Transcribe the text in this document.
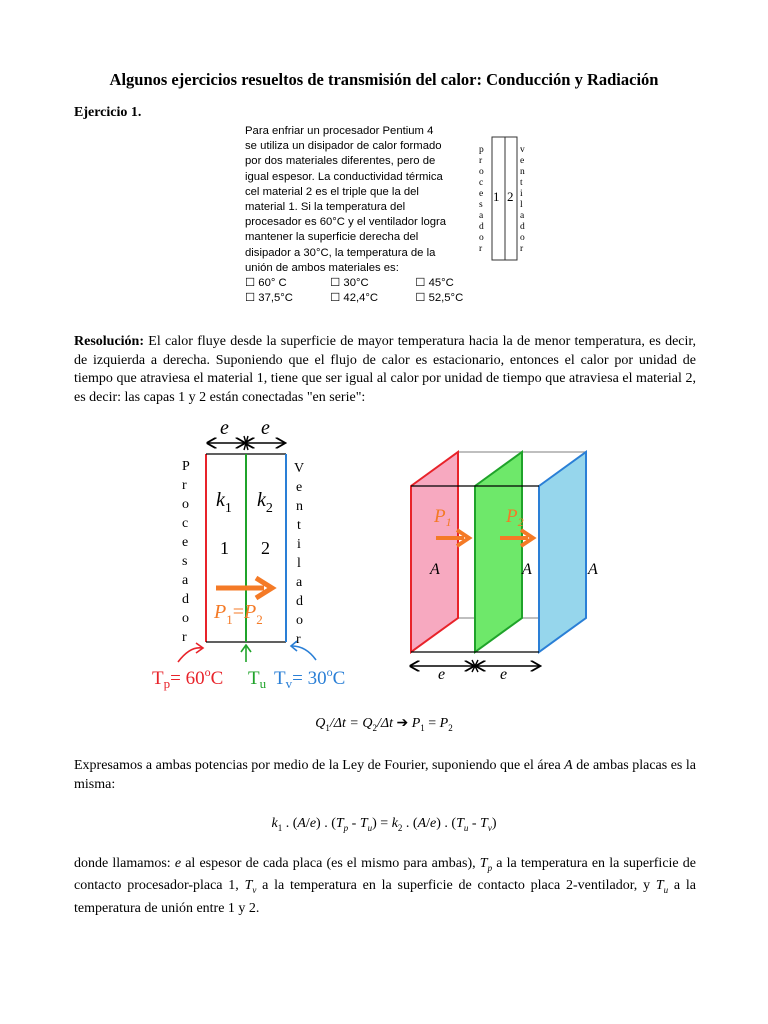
Algunos ejercicios resueltos de transmisión del calor: Conducción y Radiación
Ejercicio 1.
Para enfriar un procesador Pentium 4
se utiliza un disipador de calor formado
por dos materiales diferentes, pero de
igual espesor. La conductividad térmica
cel material 2 es el triple que la del
material 1. Si la temperatura del
procesador es 60°C y el ventilador logra
mantener la superficie derecha del
disipador a 30°C, la temperatura de la
unión de ambos materiales es:
☐ 60° C	☐ 30°C	☐ 45°C
☐ 37,5°C	☐ 42,4°C	☐ 52,5°C
1 2
p
r
o
c
e
s
a
d
o
r
v
e
n
t
i
l
a
d
o
r
Resolución: El calor fluye desde la superficie de mayor temperatura hacia la de menor temperatura, es decir, de izquierda a derecha. Suponiendo que el flujo de calor es estacionario, entonces el calor por unidad de tiempo que atraviesa el material 1, tiene que ser igual al calor por unidad de tiempo que atraviesa el material 2, es decir: las capas 1 y 2 están conectadas "en serie":
e e
$k_1$ $k_2$
1 2
$P_1=P_2$
P
r
o
c
e
s
a
d
o
r
V
e
n
t
i
l
a
d
o
r
$T_p= 60^oC$ $T_u$ $T_v= 30^oC$
$P_1$	$P_2$
A	A	A
e	e
$Q_1/\Delta t = Q_2/\Delta t$ ➔ $P_1 = P_2$
Expresamos a ambas potencias por medio de la Ley de Fourier, suponiendo que el área A de ambas placas es la misma:
$k_1$ . (A/e) . $(T_p - T_u) = k_2$ . (A/e) . $(T_u - T_v)$
donde llamamos: e al espesor de cada placa (es el mismo para ambas), $T_p$ a la temperatura en la superficie de contacto procesador-placa 1, $T_v$ a la temperatura en la superficie de contacto placa 2-ventilador, y $T_u$ a la temperatura de unión entre 1 y 2.
